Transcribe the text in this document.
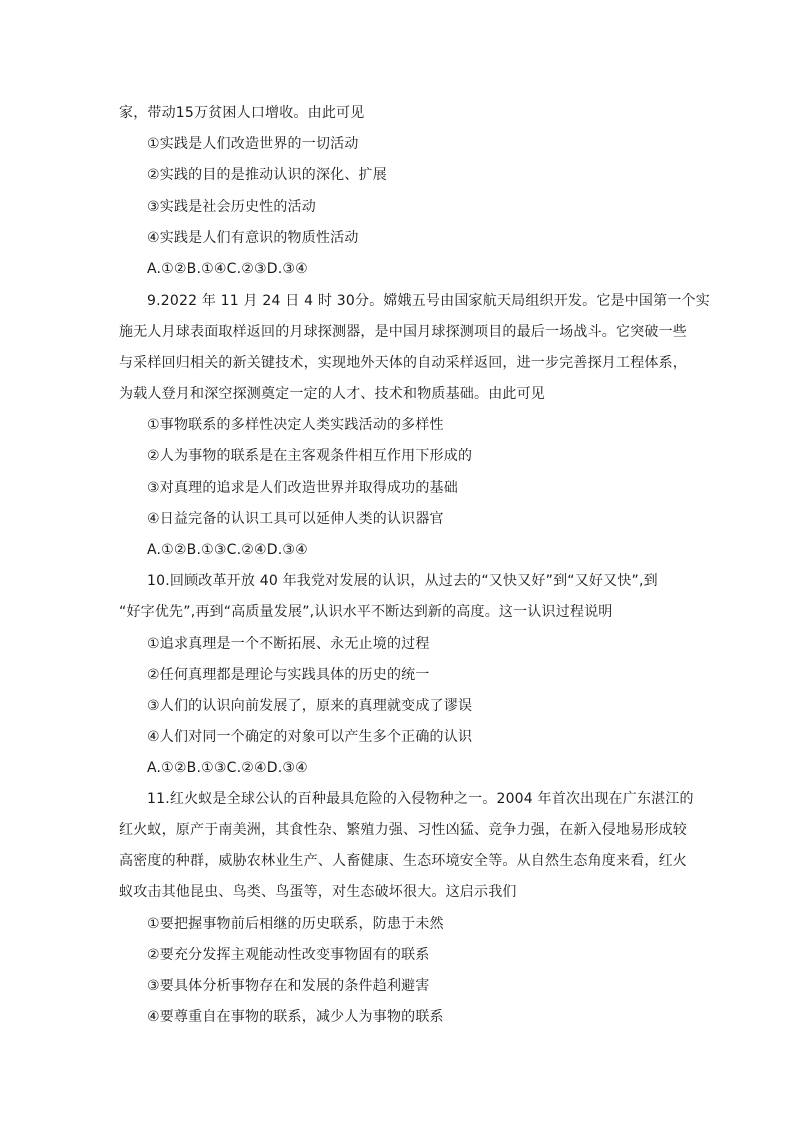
家，带动15万贫困人口增收。由此可见
①实践是人们改造世界的一切活动
②实践的目的是推动认识的深化、扩展
③实践是社会历史性的活动
④实践是人们有意识的物质性活动
A.①②B.①④C.②③D.③④
9.2022 年 11 月 24 日 4 时 30分。嫦娥五号由国家航天局组织开发。它是中国第一个实
施无人月球表面取样返回的月球探测器，是中国月球探测项目的最后一场战斗。它突破一些
与采样回归相关的新关键技术，实现地外天体的自动采样返回，进一步完善探月工程体系，
为载人登月和深空探测奠定一定的人才、技术和物质基础。由此可见
①事物联系的多样性决定人类实践活动的多样性
②人为事物的联系是在主客观条件相互作用下形成的
③对真理的追求是人们改造世界并取得成功的基础
④日益完备的认识工具可以延伸人类的认识器官
A.①②B.①③C.②④D.③④
10.回顾改革开放 40 年我党对发展的认识，从过去的“又快又好”到“又好又快”,到
“好字优先”,再到“高质量发展”,认识水平不断达到新的高度。这一认识过程说明
①追求真理是一个不断拓展、永无止境的过程
②任何真理都是理论与实践具体的历史的统一
③人们的认识向前发展了，原来的真理就变成了谬误
④人们对同一个确定的对象可以产生多个正确的认识
A.①②B.①③C.②④D.③④
11.红火蚁是全球公认的百种最具危险的入侵物种之一。2004 年首次出现在广东湛江的
红火蚁，原产于南美洲，其食性杂、繁殖力强、习性凶猛、竞争力强，在新入侵地易形成较
高密度的种群，威胁农林业生产、人畜健康、生态环境安全等。从自然生态角度来看，红火
蚁攻击其他昆虫、鸟类、鸟蛋等，对生态破坏很大。这启示我们
①要把握事物前后相继的历史联系，防患于未然
②要充分发挥主观能动性改变事物固有的联系
③要具体分析事物存在和发展的条件趋利避害
④要尊重自在事物的联系，减少人为事物的联系
